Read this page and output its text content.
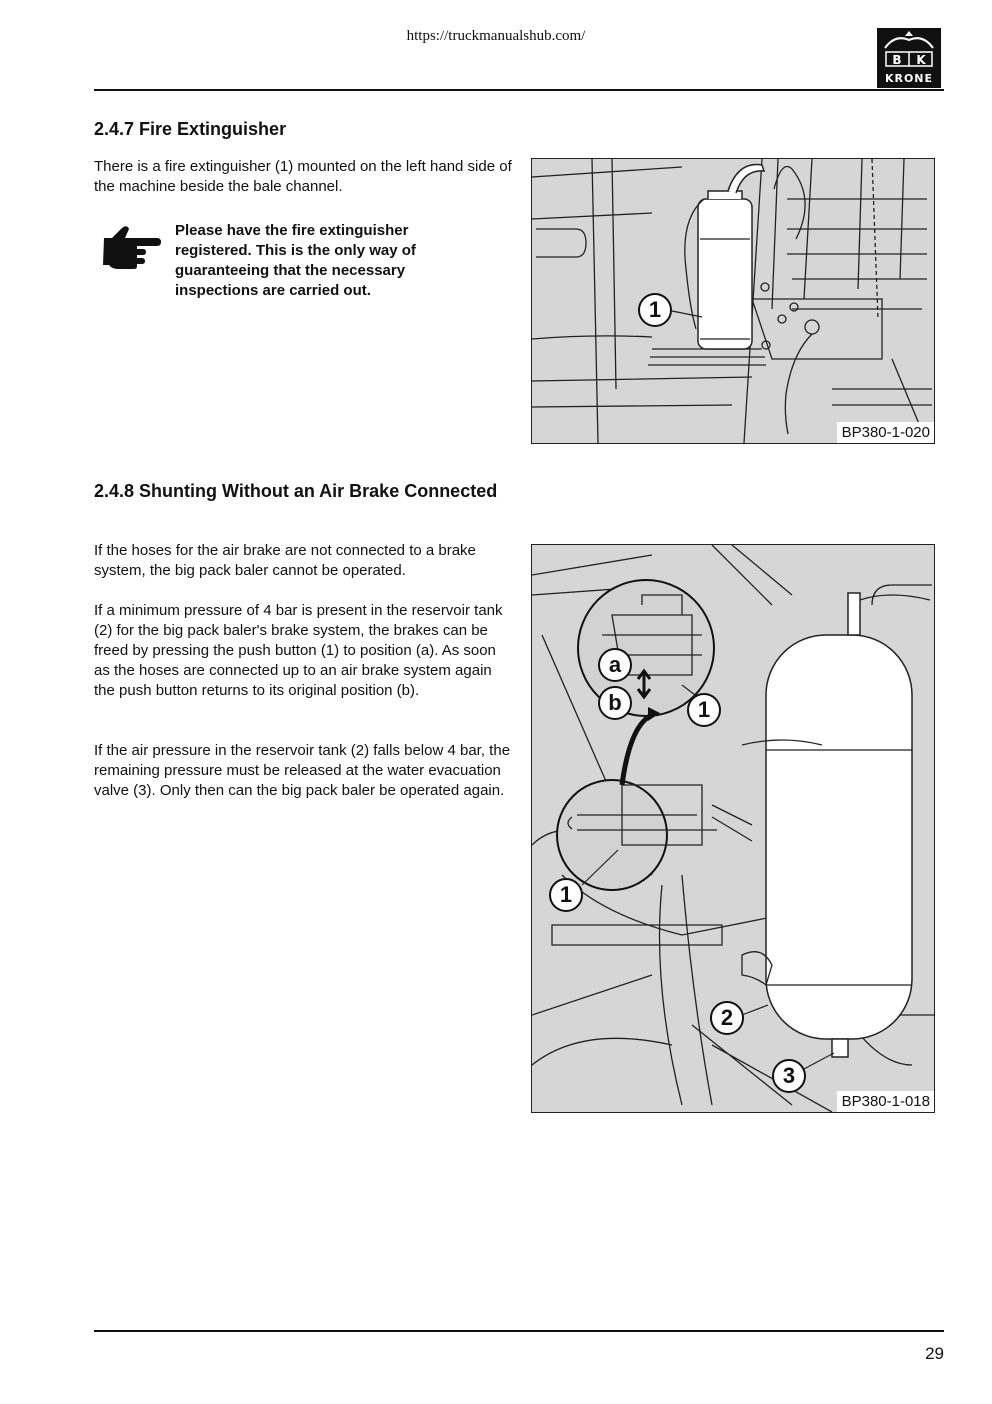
https://truckmanualshub.com/
B K
KRONE
2.4.7 Fire Extinguisher

There is a fire extinguisher (1) mounted on the left hand side of the machine beside the bale channel.

Please have the fire extinguisher registered. This is the only way of guaranteeing that the necessary inspections are carried out.
1
BP380-1-020
2.4.8 Shunting Without an Air Brake Connected

If the hoses for the air brake are not connected to a brake system, the big pack baler cannot be operated.

If a minimum pressure of 4 bar is present in the reservoir tank (2) for the big pack baler's brake system, the brakes can be freed by pressing the push button (1) to position (a). As soon as the hoses are connected up to an air brake system again the push button returns to its original position (b).

If the air pressure in the reservoir tank (2) falls below 4 bar, the remaining pressure must be released at the water evacuation valve (3). Only then can the big pack baler be operated again.

a
b	1
1
2
3
BP380-1-018
29
